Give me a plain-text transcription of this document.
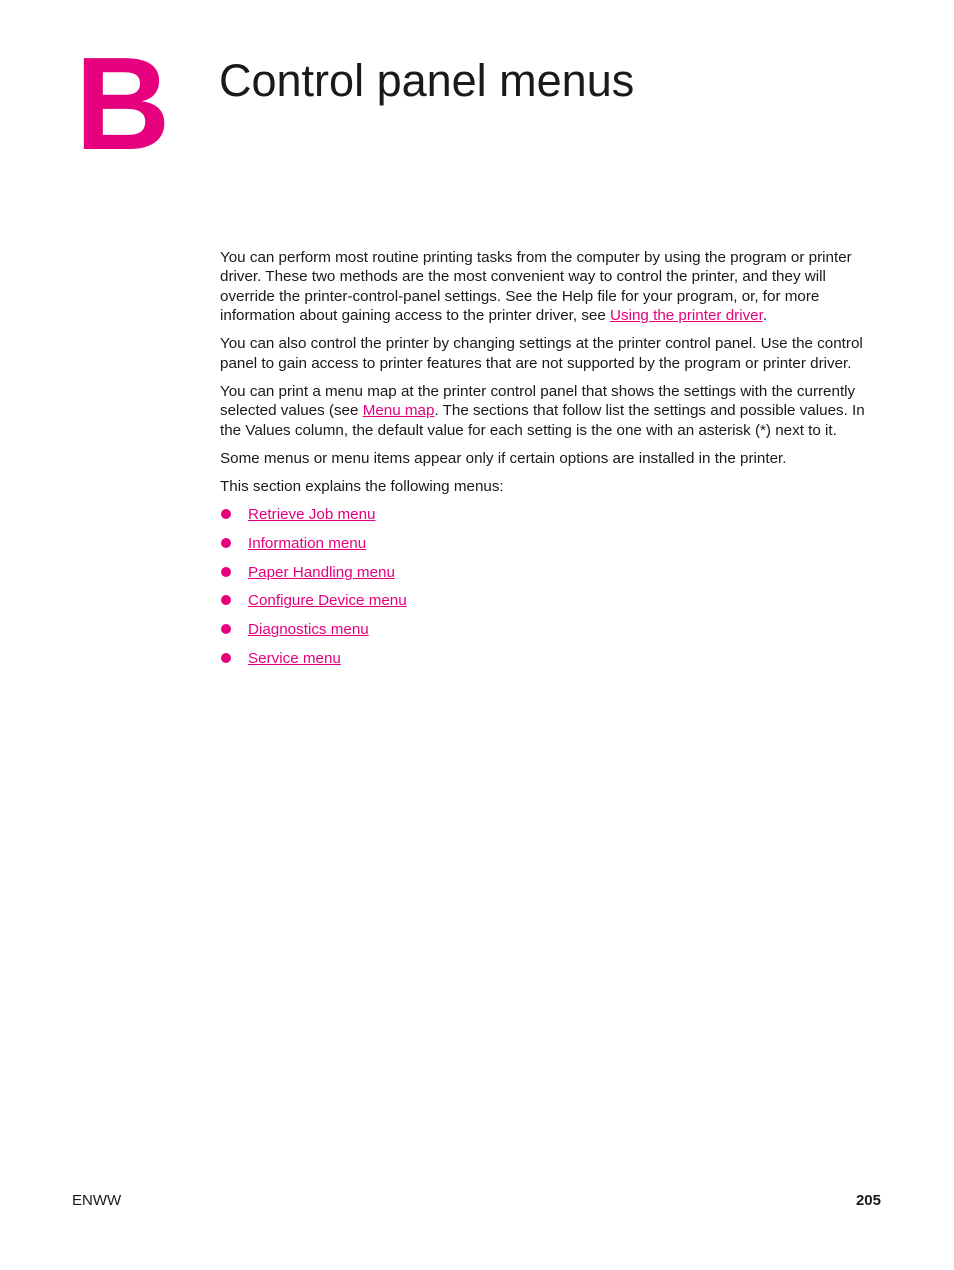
B Control panel menus

You can perform most routine printing tasks from the computer by using the program or printer driver. These two methods are the most convenient way to control the printer, and they will override the printer-control-panel settings. See the Help file for your program, or, for more information about gaining access to the printer driver, see Using the printer driver.

You can also control the printer by changing settings at the printer control panel. Use the control panel to gain access to printer features that are not supported by the program or printer driver.

You can print a menu map at the printer control panel that shows the settings with the currently selected values (see Menu map. The sections that follow list the settings and possible values. In the Values column, the default value for each setting is the one with an asterisk (*) next to it.

Some menus or menu items appear only if certain options are installed in the printer.

This section explains the following menus:

Retrieve Job menu
Information menu
Paper Handling menu
Configure Device menu
Diagnostics menu
Service menu
ENWW	205
